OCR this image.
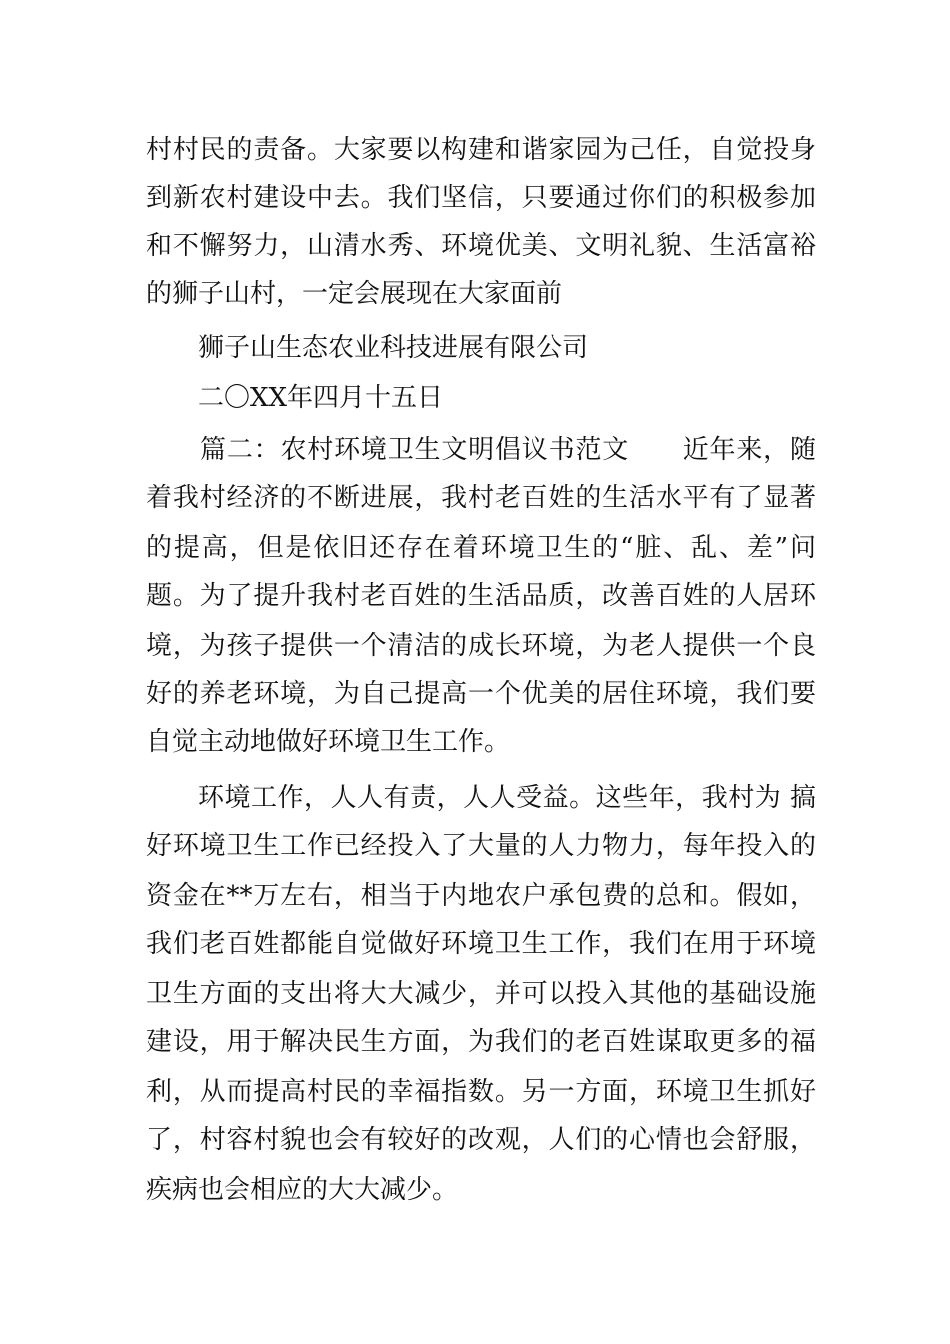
村村民的责备。大家要以构建和谐家园为己任，自觉投身
到新农村建设中去。我们坚信，只要通过你们的积极参加
和不懈努力，山清水秀、环境优美、文明礼貌、生活富裕
的狮子山村，一定会展现在大家面前
狮子山生态农业科技进展有限公司
二〇XX年四月十五日
篇二：农村环境卫生文明倡议书范文　　近年来，随
着我村经济的不断进展，我村老百姓的生活水平有了显著
的提高，但是依旧还存在着环境卫生的“脏、乱、差”问
题。为了提升我村老百姓的生活品质，改善百姓的人居环
境，为孩子提供一个清洁的成长环境，为老人提供一个良
好的养老环境，为自己提高一个优美的居住环境，我们要
自觉主动地做好环境卫生工作。
环境工作，人人有责，人人受益。这些年，我村为 搞
好环境卫生工作已经投入了大量的人力物力，每年投入的
资金在**万左右，相当于内地农户承包费的总和。假如，
我们老百姓都能自觉做好环境卫生工作，我们在用于环境
卫生方面的支出将大大减少，并可以投入其他的基础设施
建设，用于解决民生方面，为我们的老百姓谋取更多的福
利，从而提高村民的幸福指数。另一方面，环境卫生抓好
了，村容村貌也会有较好的改观，人们的心情也会舒服，
疾病也会相应的大大减少。
